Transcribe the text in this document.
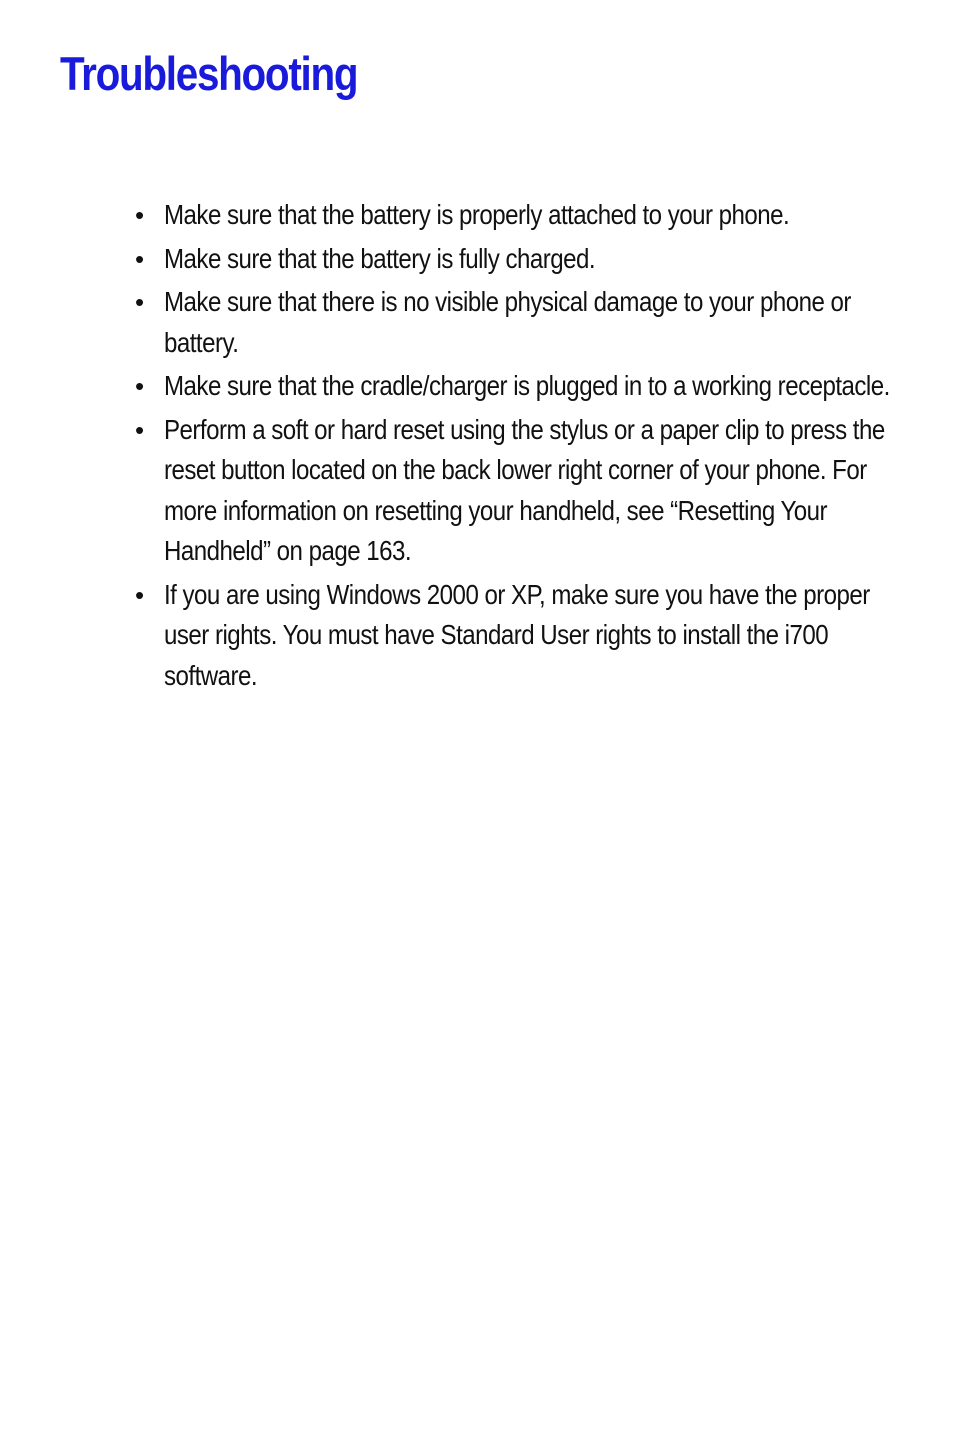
Troubleshooting
• Make sure that the battery is properly attached to your phone.
• Make sure that the battery is fully charged.
• Make sure that there is no visible physical damage to your phone or battery.
• Make sure that the cradle/charger is plugged in to a working receptacle.
• Perform a soft or hard reset using the stylus or a paper clip to press the reset button located on the back lower right corner of your phone. For more information on resetting your handheld, see “Resetting Your Handheld” on page 163.
• If you are using Windows 2000 or XP, make sure you have the proper user rights. You must have Standard User rights to install the i700 software.
